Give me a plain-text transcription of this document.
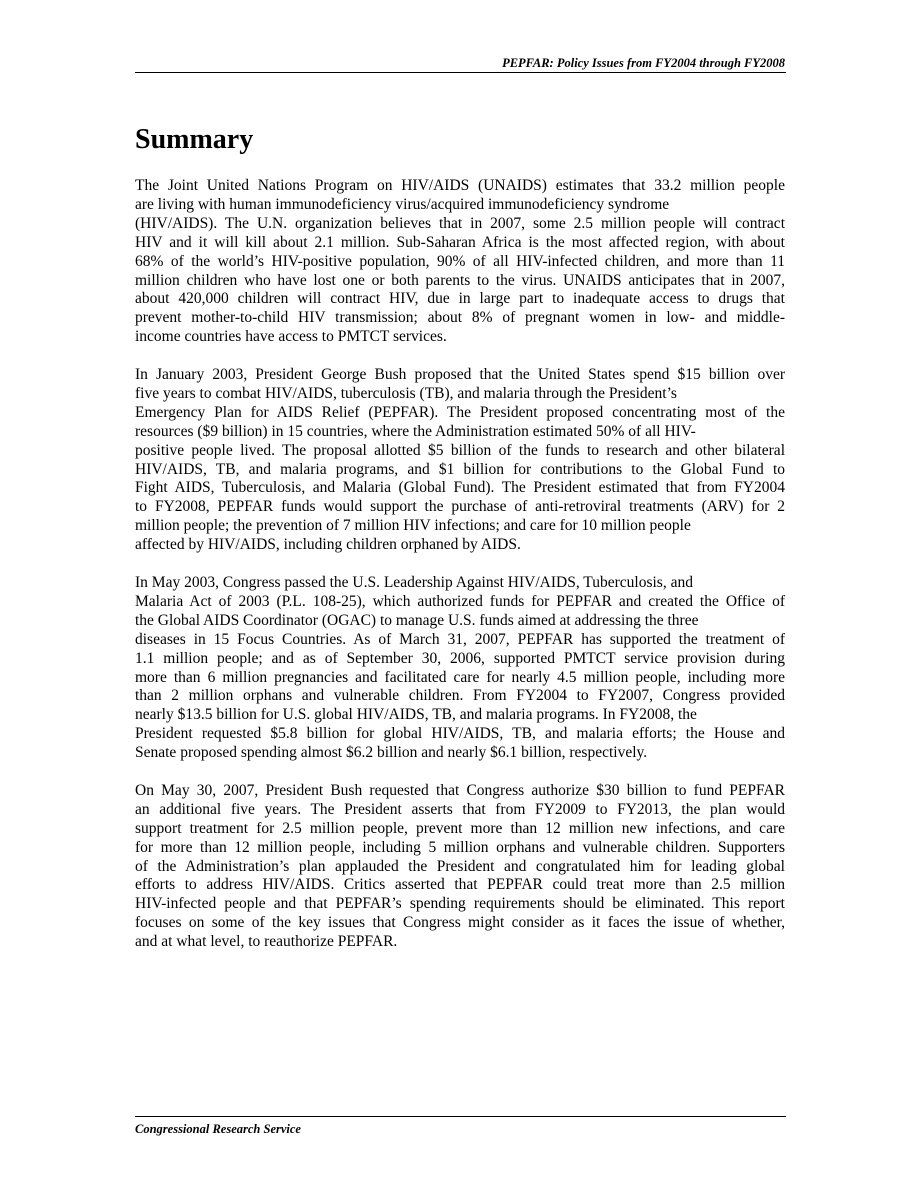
PEPFAR: Policy Issues from FY2004 through FY2008
Summary

The Joint United Nations Program on HIV/AIDS (UNAIDS) estimates that 33.2 million people
are living with human immunodeficiency virus/acquired immunodeficiency syndrome
(HIV/AIDS). The U.N. organization believes that in 2007, some 2.5 million people will contract
HIV and it will kill about 2.1 million. Sub-Saharan Africa is the most affected region, with about
68% of the world’s HIV-positive population, 90% of all HIV-infected children, and more than 11
million children who have lost one or both parents to the virus. UNAIDS anticipates that in 2007,
about 420,000 children will contract HIV, due in large part to inadequate access to drugs that
prevent mother-to-child HIV transmission; about 8% of pregnant women in low- and middle-
income countries have access to PMTCT services.

In January 2003, President George Bush proposed that the United States spend $15 billion over
five years to combat HIV/AIDS, tuberculosis (TB), and malaria through the President’s
Emergency Plan for AIDS Relief (PEPFAR). The President proposed concentrating most of the
resources ($9 billion) in 15 countries, where the Administration estimated 50% of all HIV-
positive people lived. The proposal allotted $5 billion of the funds to research and other bilateral
HIV/AIDS, TB, and malaria programs, and $1 billion for contributions to the Global Fund to
Fight AIDS, Tuberculosis, and Malaria (Global Fund). The President estimated that from FY2004
to FY2008, PEPFAR funds would support the purchase of anti-retroviral treatments (ARV) for 2
million people; the prevention of 7 million HIV infections; and care for 10 million people
affected by HIV/AIDS, including children orphaned by AIDS.

In May 2003, Congress passed the U.S. Leadership Against HIV/AIDS, Tuberculosis, and
Malaria Act of 2003 (P.L. 108-25), which authorized funds for PEPFAR and created the Office of
the Global AIDS Coordinator (OGAC) to manage U.S. funds aimed at addressing the three
diseases in 15 Focus Countries. As of March 31, 2007, PEPFAR has supported the treatment of
1.1 million people; and as of September 30, 2006, supported PMTCT service provision during
more than 6 million pregnancies and facilitated care for nearly 4.5 million people, including more
than 2 million orphans and vulnerable children. From FY2004 to FY2007, Congress provided
nearly $13.5 billion for U.S. global HIV/AIDS, TB, and malaria programs. In FY2008, the
President requested $5.8 billion for global HIV/AIDS, TB, and malaria efforts; the House and
Senate proposed spending almost $6.2 billion and nearly $6.1 billion, respectively.

On May 30, 2007, President Bush requested that Congress authorize $30 billion to fund PEPFAR
an additional five years. The President asserts that from FY2009 to FY2013, the plan would
support treatment for 2.5 million people, prevent more than 12 million new infections, and care
for more than 12 million people, including 5 million orphans and vulnerable children. Supporters
of the Administration’s plan applauded the President and congratulated him for leading global
efforts to address HIV/AIDS. Critics asserted that PEPFAR could treat more than 2.5 million
HIV-infected people and that PEPFAR’s spending requirements should be eliminated. This report
focuses on some of the key issues that Congress might consider as it faces the issue of whether,
and at what level, to reauthorize PEPFAR.

Congressional Research Service
